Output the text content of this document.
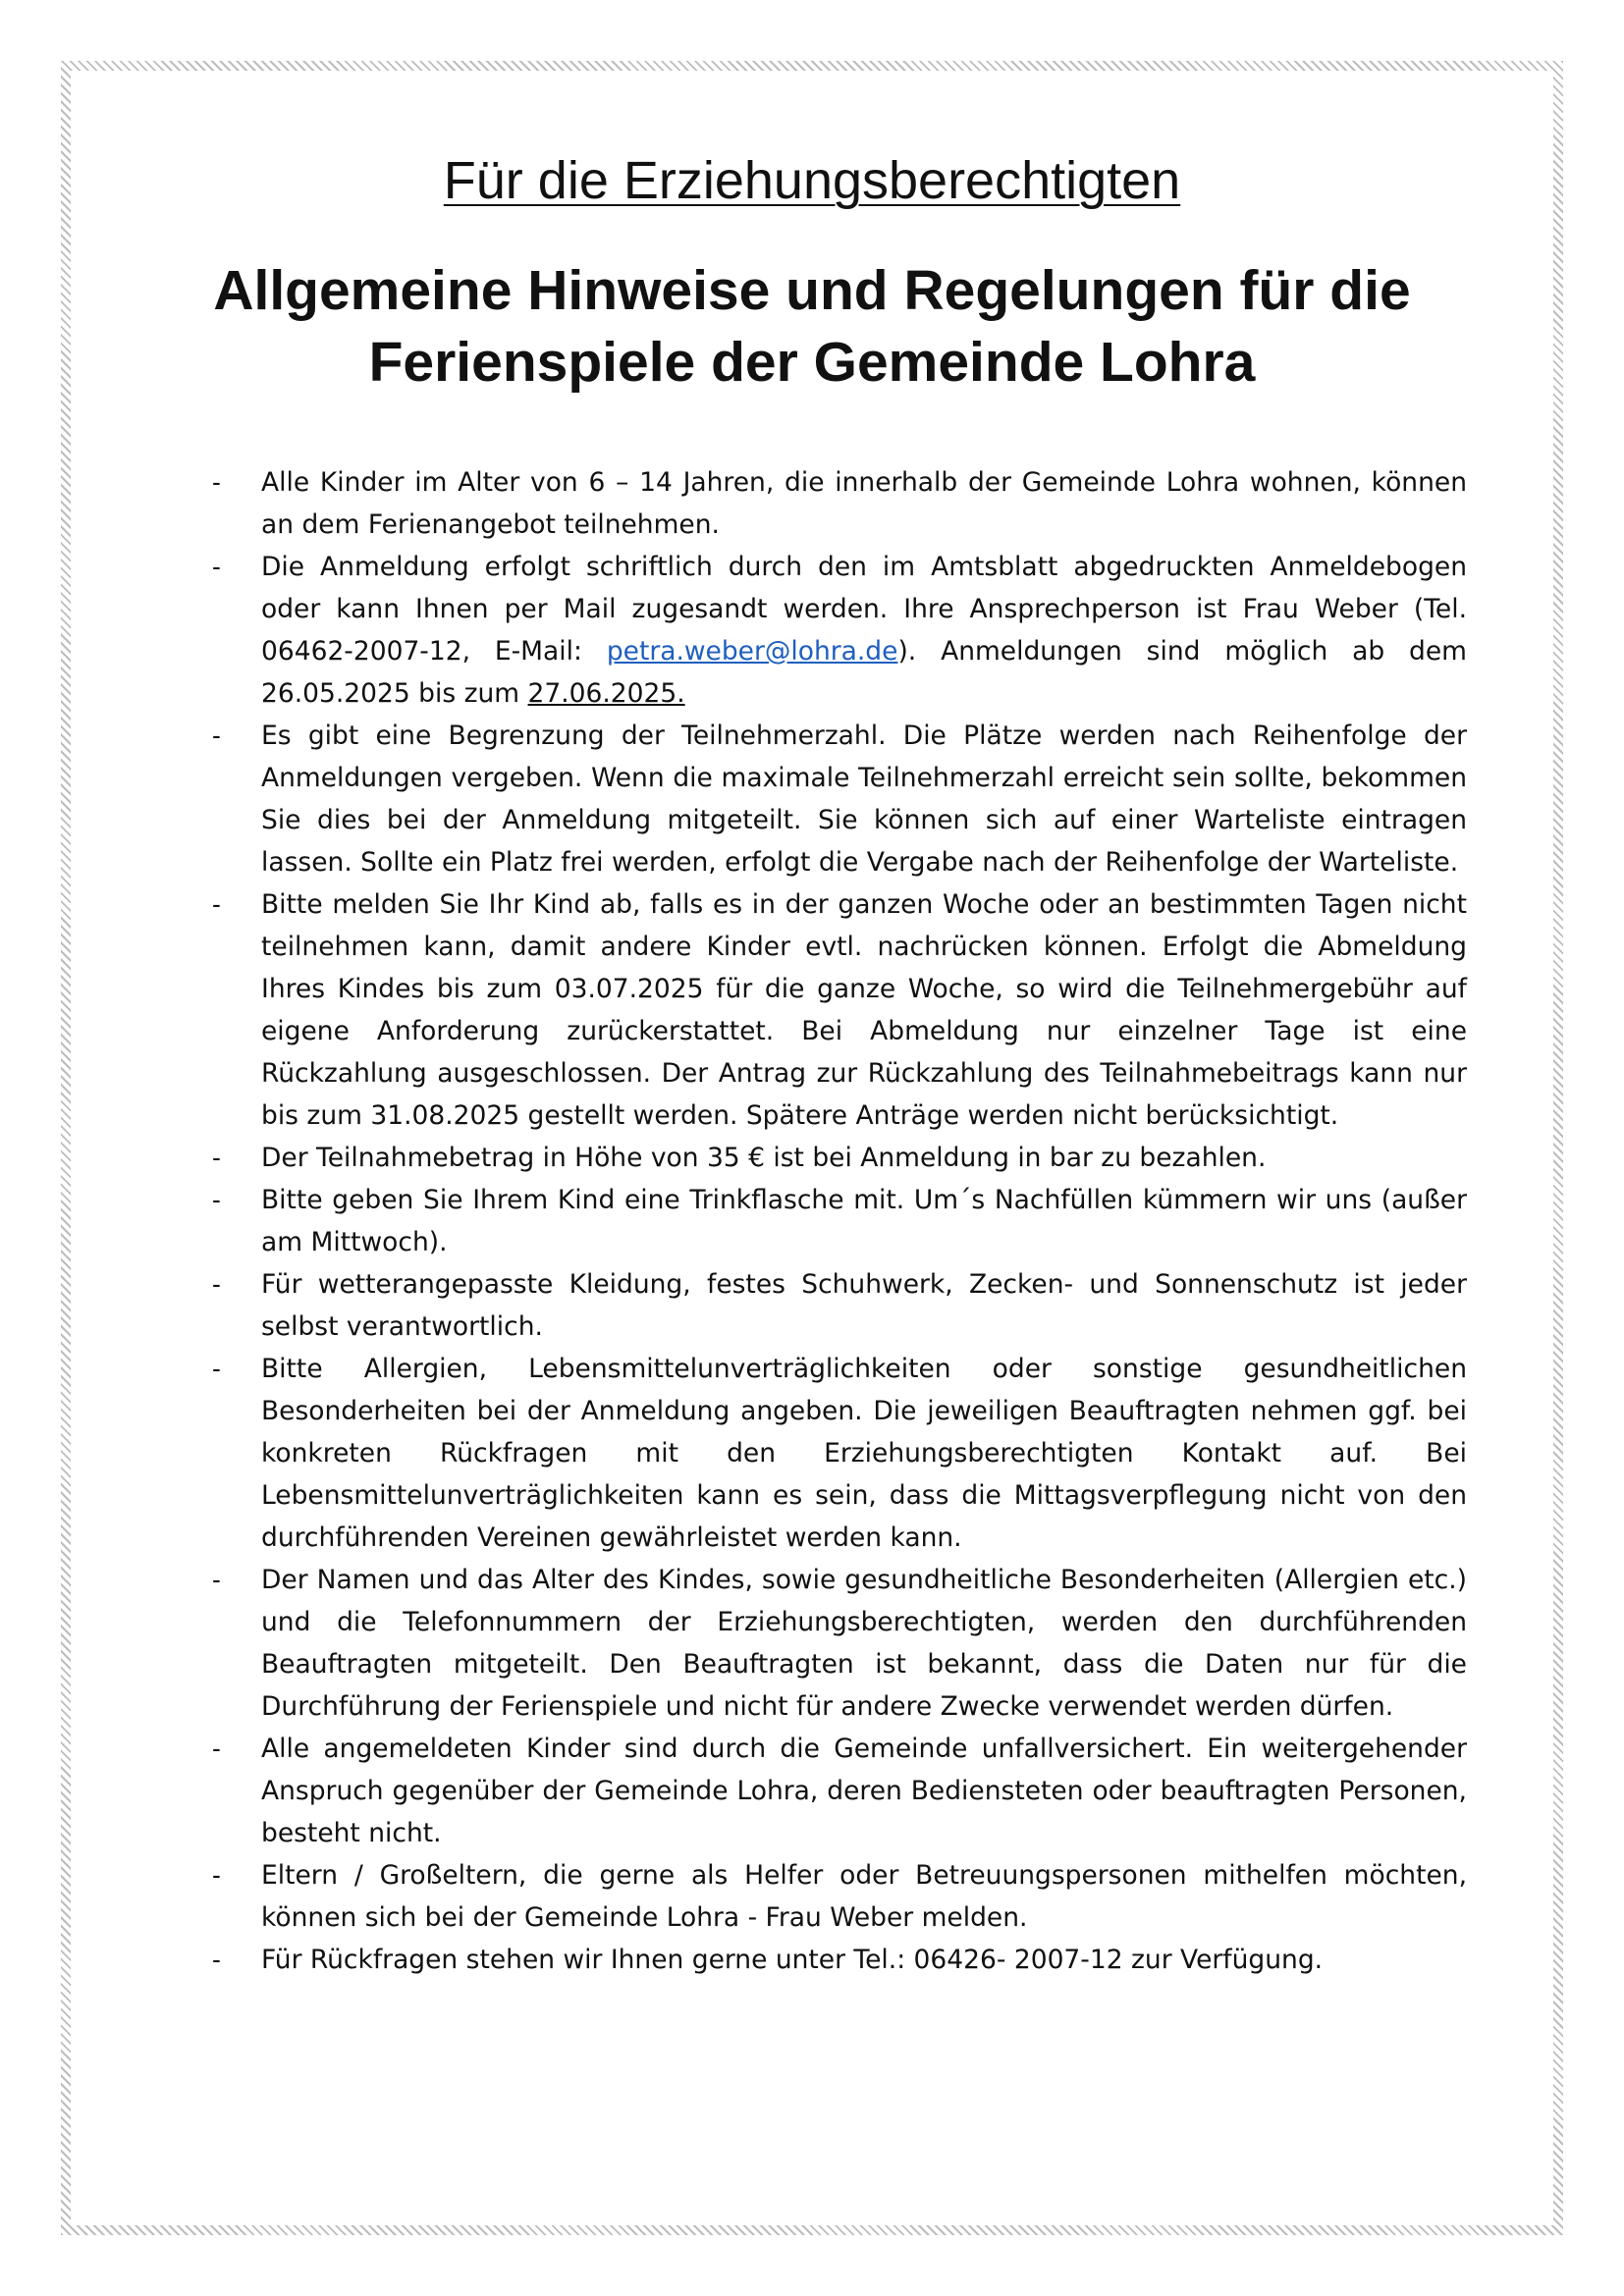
Für die Erziehungsberechtigten
Allgemeine Hinweise und Regelungen für die
Ferienspiele der Gemeinde Lohra
- Alle Kinder im Alter von 6 – 14 Jahren, die innerhalb der Gemeinde Lohra wohnen, können an dem Ferienangebot teilnehmen.
- Die Anmeldung erfolgt schriftlich durch den im Amtsblatt abgedruckten Anmeldebogen oder kann Ihnen per Mail zugesandt werden. Ihre Ansprechperson ist Frau Weber (Tel. 06462-2007-12, E-Mail: petra.weber@lohra.de). Anmeldungen sind möglich ab dem 26.05.2025 bis zum 27.06.2025.
- Es gibt eine Begrenzung der Teilnehmerzahl. Die Plätze werden nach Reihenfolge der Anmeldungen vergeben. Wenn die maximale Teilnehmerzahl erreicht sein sollte, bekommen Sie dies bei der Anmeldung mitgeteilt. Sie können sich auf einer Warteliste eintragen lassen. Sollte ein Platz frei werden, erfolgt die Vergabe nach der Reihenfolge der Warteliste.
- Bitte melden Sie Ihr Kind ab, falls es in der ganzen Woche oder an bestimmten Tagen nicht teilnehmen kann, damit andere Kinder evtl. nachrücken können. Erfolgt die Abmeldung Ihres Kindes bis zum 03.07.2025 für die ganze Woche, so wird die Teilnehmergebühr auf eigene Anforderung zurückerstattet. Bei Abmeldung nur einzelner Tage ist eine Rückzahlung ausgeschlossen. Der Antrag zur Rückzahlung des Teilnahmebeitrags kann nur bis zum 31.08.2025 gestellt werden. Spätere Anträge werden nicht berücksichtigt.
- Der Teilnahmebetrag in Höhe von 35 € ist bei Anmeldung in bar zu bezahlen.
- Bitte geben Sie Ihrem Kind eine Trinkflasche mit. Um´s Nachfüllen kümmern wir uns (außer am Mittwoch).
- Für wetterangepasste Kleidung, festes Schuhwerk, Zecken- und Sonnenschutz ist jeder selbst verantwortlich.
- Bitte Allergien, Lebensmittelunverträglichkeiten oder sonstige gesundheitlichen Besonderheiten bei der Anmeldung angeben. Die jeweiligen Beauftragten nehmen ggf. bei konkreten Rückfragen mit den Erziehungsberechtigten Kontakt auf. Bei Lebensmittelunverträglichkeiten kann es sein, dass die Mittagsverpflegung nicht von den durchführenden Vereinen gewährleistet werden kann.
- Der Namen und das Alter des Kindes, sowie gesundheitliche Besonderheiten (Allergien etc.) und die Telefonnummern der Erziehungsberechtigten, werden den durchführenden Beauftragten mitgeteilt. Den Beauftragten ist bekannt, dass die Daten nur für die Durchführung der Ferienspiele und nicht für andere Zwecke verwendet werden dürfen.
- Alle angemeldeten Kinder sind durch die Gemeinde unfallversichert. Ein weitergehender Anspruch gegenüber der Gemeinde Lohra, deren Bediensteten oder beauftragten Personen, besteht nicht.
- Eltern / Großeltern, die gerne als Helfer oder Betreuungspersonen mithelfen möchten, können sich bei der Gemeinde Lohra - Frau Weber melden.
- Für Rückfragen stehen wir Ihnen gerne unter Tel.: 06426- 2007-12 zur Verfügung.
